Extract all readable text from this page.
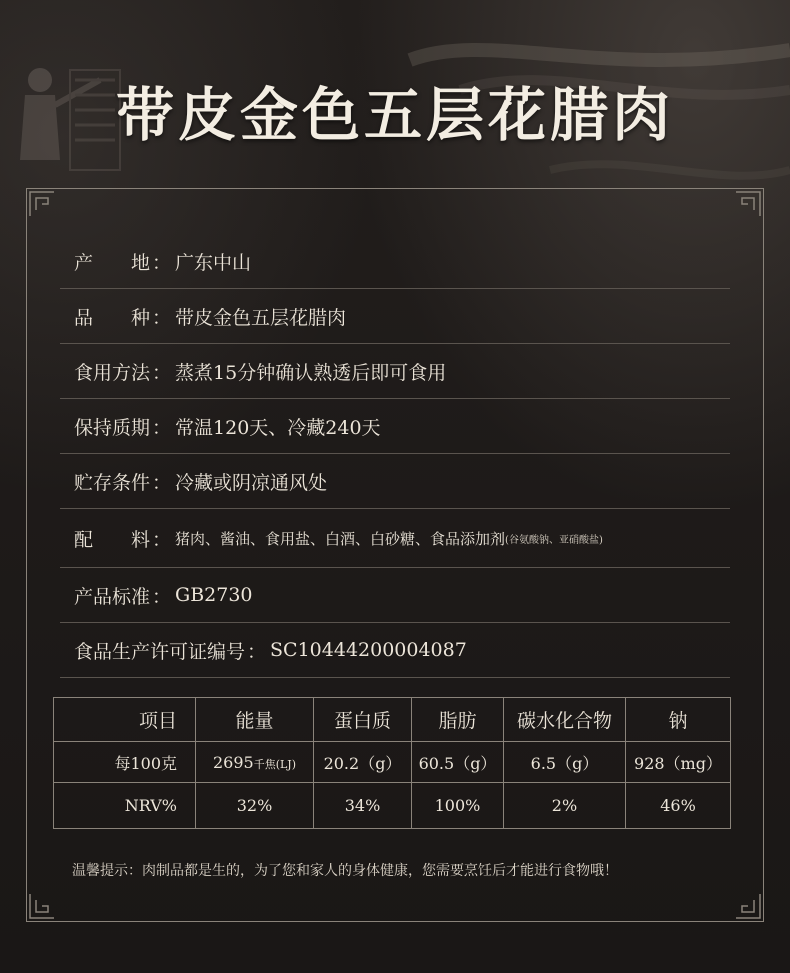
带皮金色五层花腊肉
产　　地 ： 广东中山
品　　种 ： 带皮金色五层花腊肉
食用方法 ： 蒸煮15分钟确认熟透后即可食用
保持质期 ： 常温120天、冷藏240天
贮存条件 ： 冷藏或阴凉通风处
配　　料 ： 猪肉、酱油、食用盐、白酒、白砂糖、食品添加剂 (谷氨酸钠、亚硝酸盐)
产品标准 ： GB2730
食品生产许可证编号 ： SC10444200004087
项目	能量	蛋白质	脂肪	碳水化合物	钠
每100克	2695千焦(LJ)	20.2（g）	60.5（g）	6.5（g）	928（mg）
NRV%	32%	34%	100%	2%	46%
温馨提示：肉制品都是生的，为了您和家人的身体健康，您需要烹饪后才能进行食物哦！
